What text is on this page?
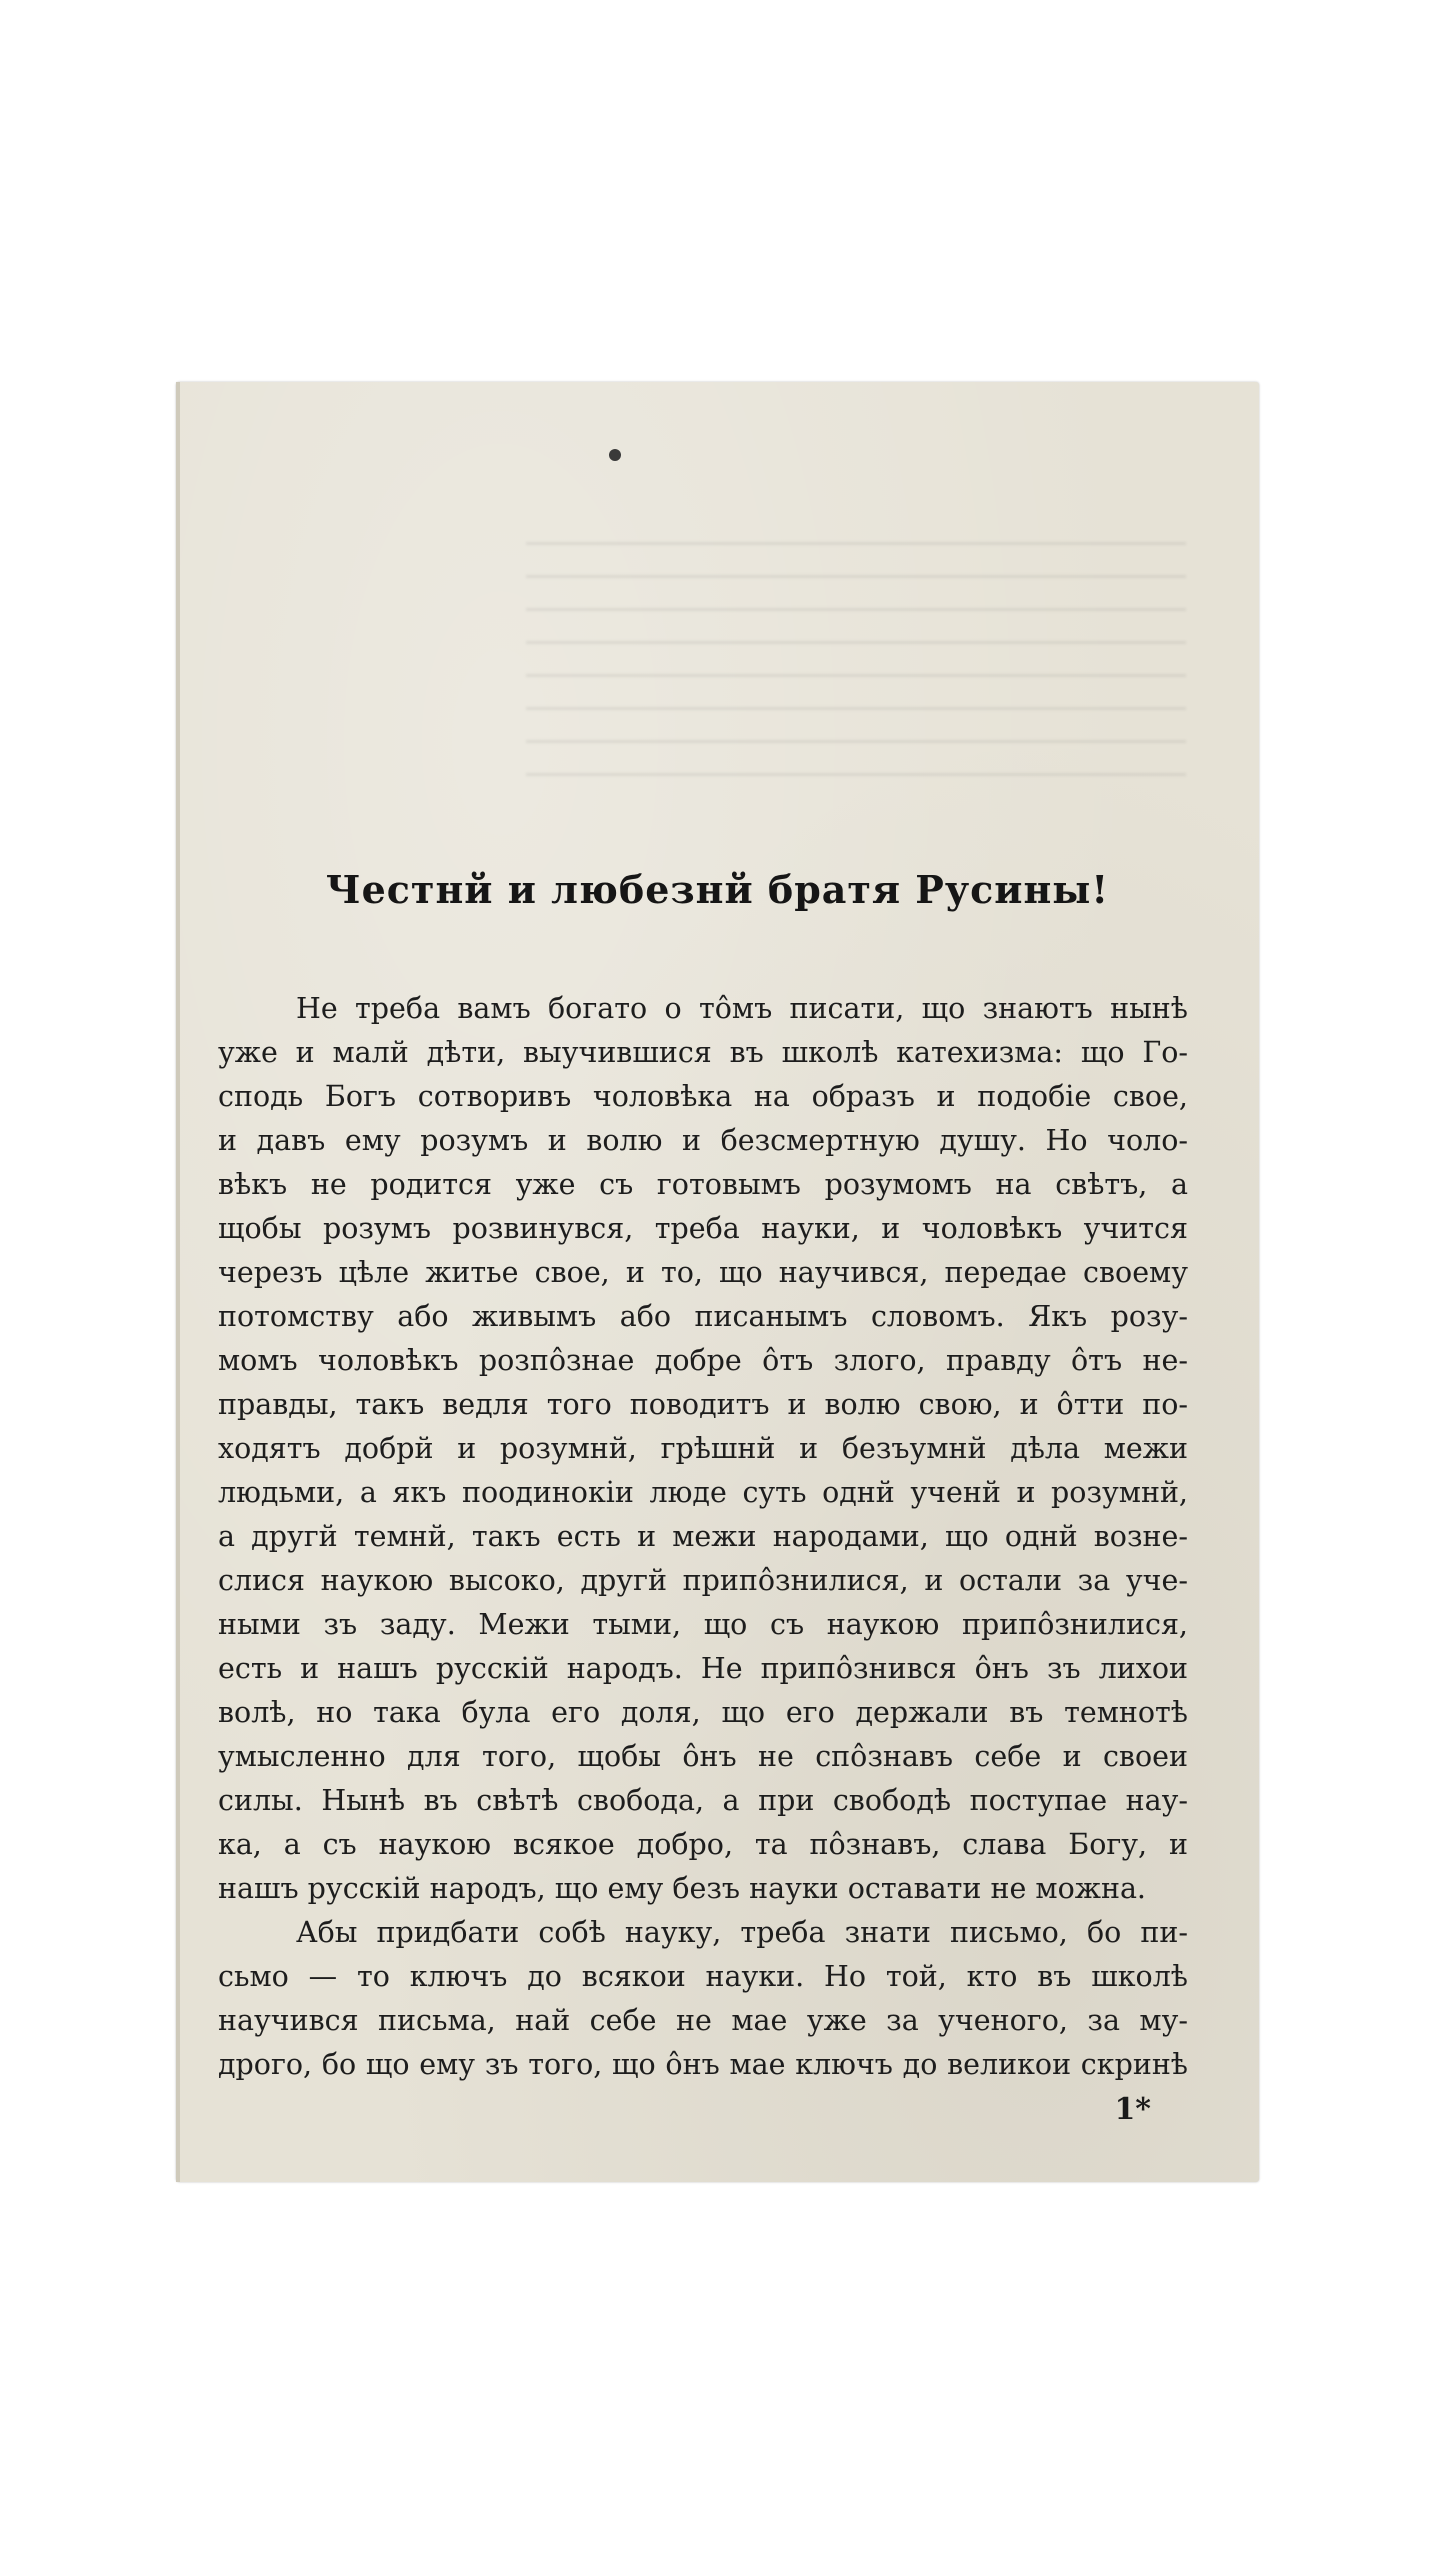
Честнй и любезнй братя Русины!
Не треба вамъ богато о тôмъ писати, що знаютъ нынѣ
уже и малй дѣти, выучившися въ школѣ катехизма: що Го-
сподь Богъ сотворивъ чоловѣка на образъ и подобіе свое,
и давъ ему розумъ и волю и безсмертную душу. Но чоло-
вѣкъ не родится уже съ готовымъ розумомъ на свѣтъ, а
щобы розумъ розвинувся, треба науки, и чоловѣкъ учится
черезъ цѣле житье свое, и то, що научився, передае своему
потомству або живымъ або писанымъ словомъ. Якъ розу-
момъ чоловѣкъ розпôзнае добре ôтъ злого, правду ôтъ не-
правды, такъ ведля того поводитъ и волю свою, и ôтти по-
ходятъ добрй и розумнй, грѣшнй и безъумнй дѣла межи
людьми, а якъ поодинокіи люде суть однй ученй и розумнй,
а другй темнй, такъ есть и межи народами, що однй возне-
слися наукою высоко, другй припôзнилися, и остали за уче-
ными зъ заду. Межи тыми, що съ наукою припôзнилися,
есть и нашъ русскій народъ. Не припôзнився ôнъ зъ лихои
волѣ, но така була его доля, що его держали въ темнотѣ
умысленно для того, щобы ôнъ не спôзнавъ себе и своеи
силы. Нынѣ въ свѣтѣ свобода, а при свободѣ поступае нау-
ка, а съ наукою всякое добро, та пôзнавъ, слава Богу, и
нашъ русскій народъ, що ему безъ науки оставати не можна.
Абы придбати собѣ науку, треба знати письмо, бо пи-
сьмо — то ключъ до всякои науки. Но той, кто въ школѣ
научився письма, най себе не мае уже за ученого, за му-
дрого, бо що ему зъ того, що ôнъ мае ключъ до великои скринѣ
1*
